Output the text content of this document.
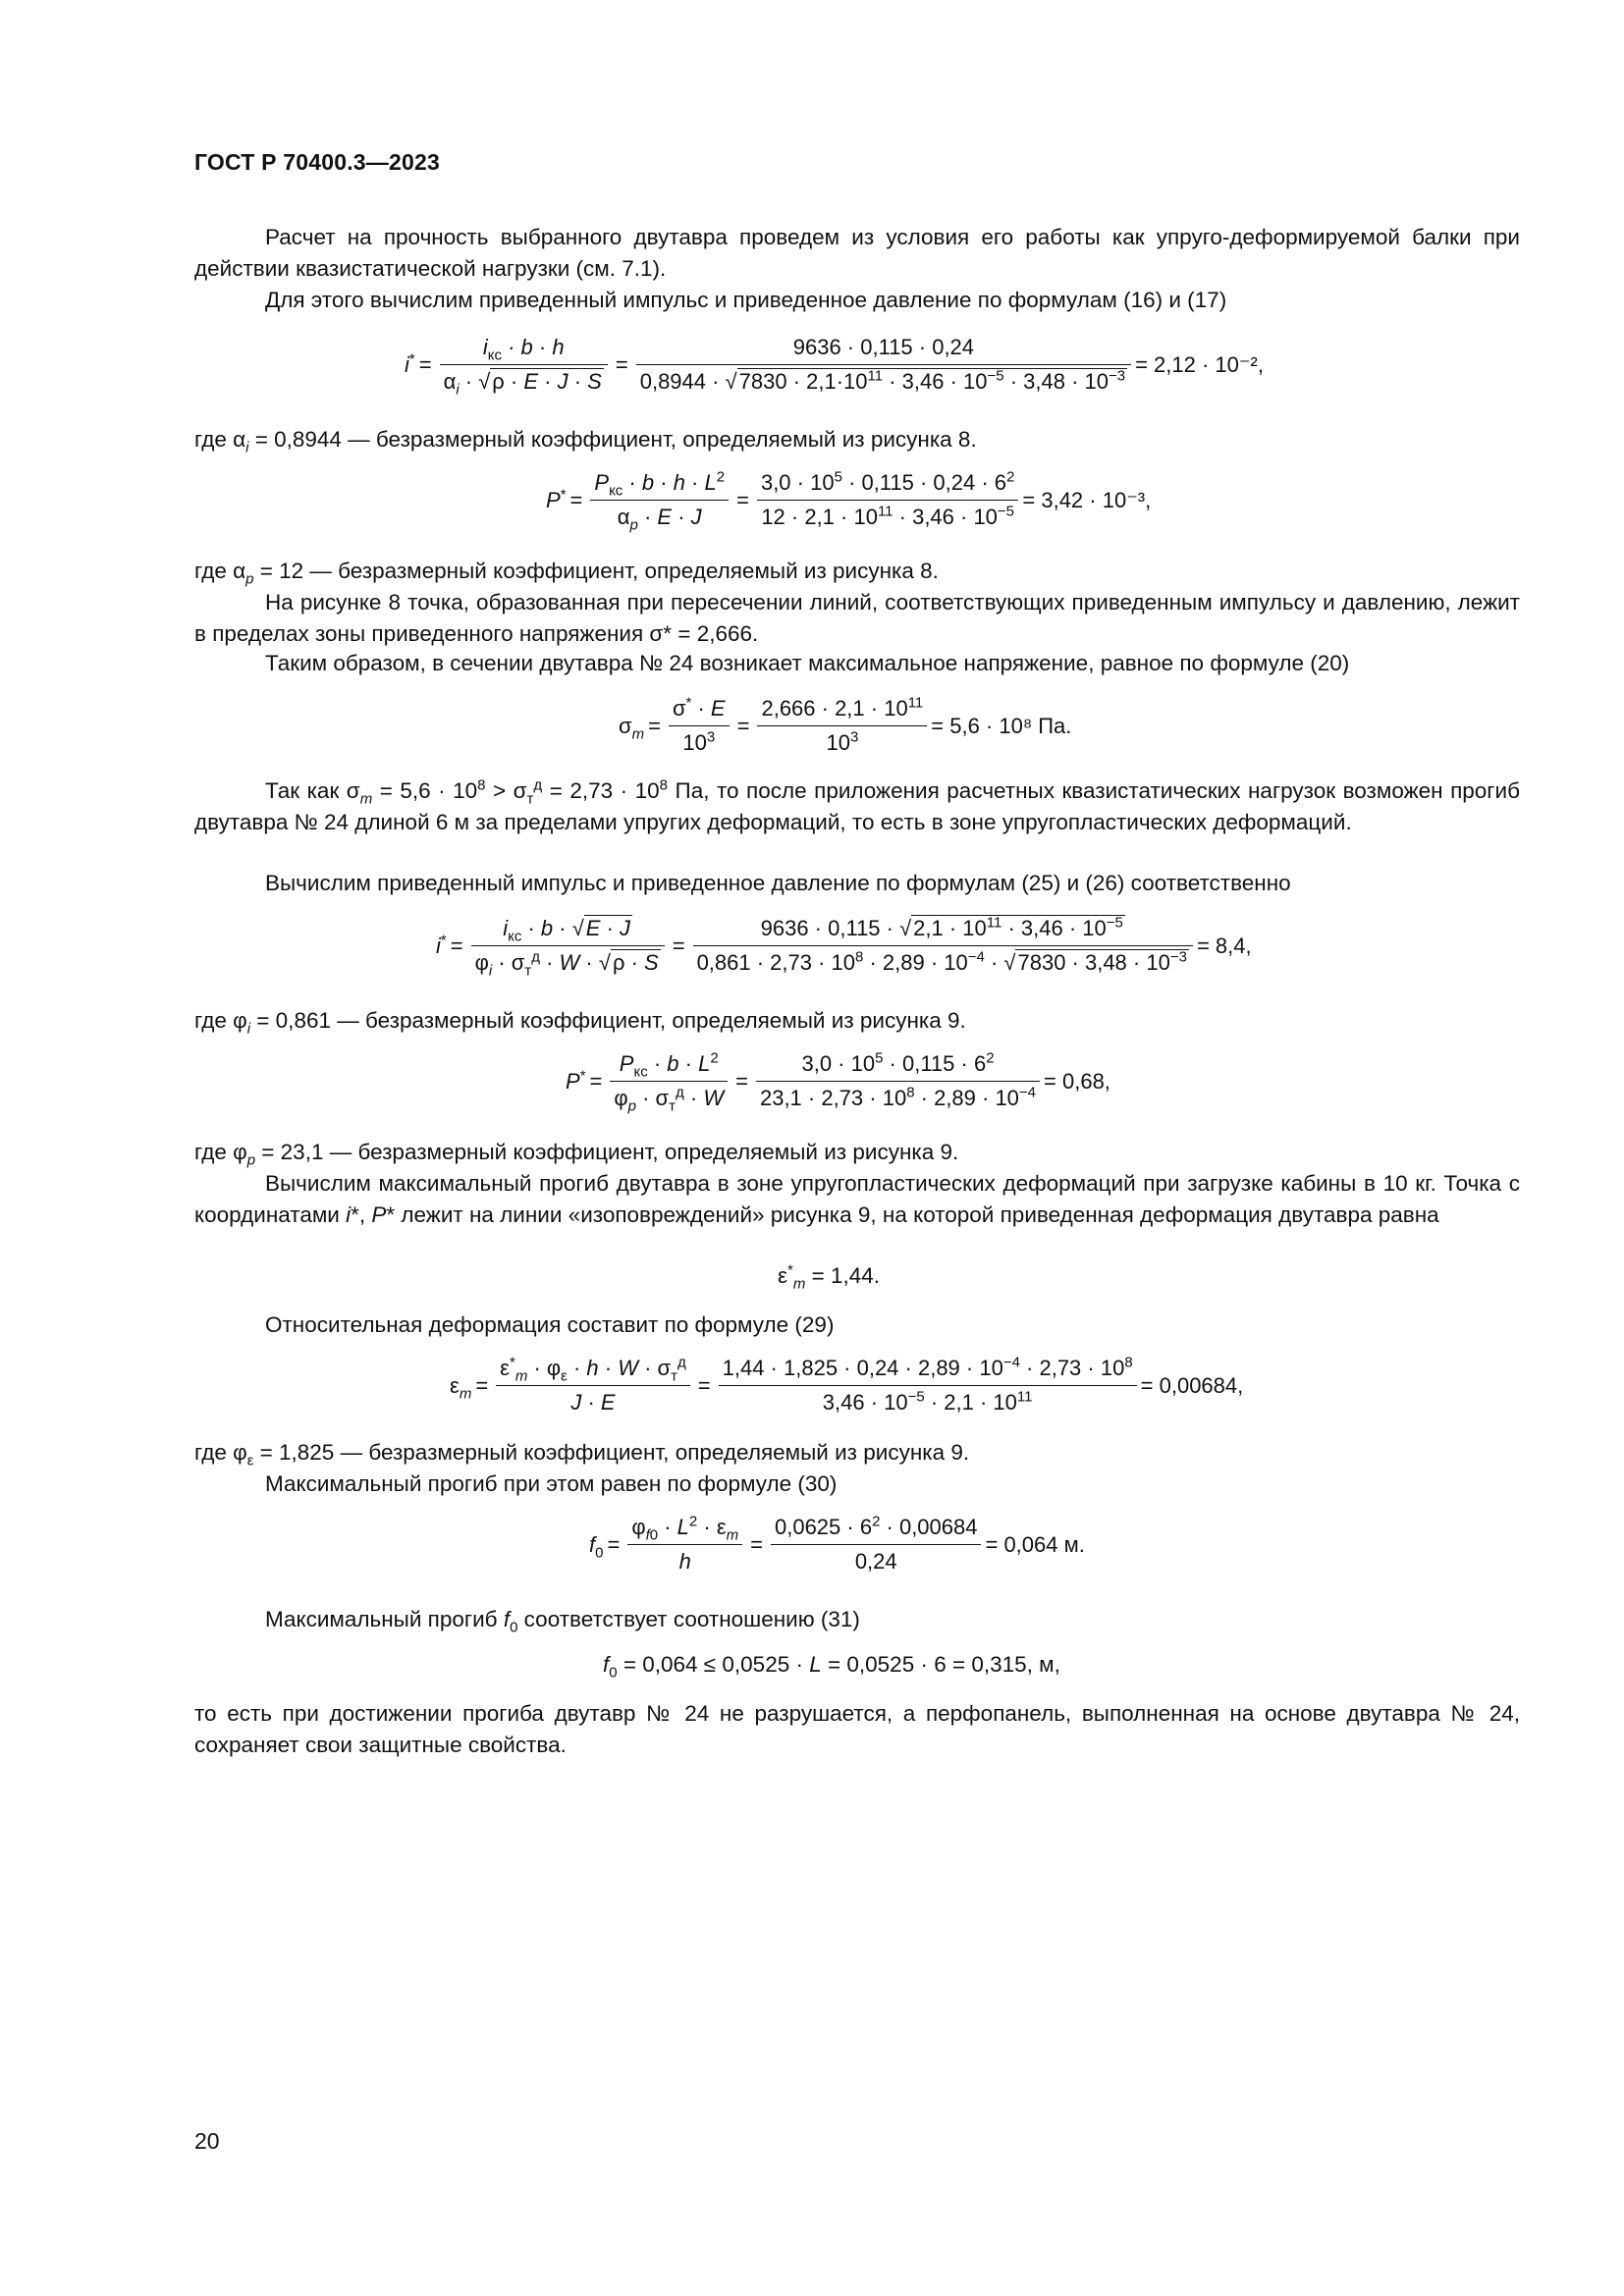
ГОСТ Р 70400.3—2023
Расчет на прочность выбранного двутавра проведем из условия его работы как упруго-деформируемой балки при действии квазистатической нагрузки (см. 7.1).
Для этого вычислим приведенный импульс и приведенное давление по формулам (16) и (17)
$i^* = \frac{i_{кс} \cdot b \cdot h}{\alpha_i \cdot √\rho \cdot E \cdot J \cdot S} = \frac{9636 \cdot 0,115 \cdot 0,24}{0,8944 \cdot √7830 \cdot 2,1\cdot 10^{11} \cdot 3,46 \cdot 10^{-5} \cdot 3,48 \cdot 10^{-3}} = 2,12 \cdot 10^{-2}$,
где $\alpha_i = 0,8944$ — безразмерный коэффициент, определяемый из рисунка 8.
$P^* = \frac{P_{кс} \cdot b \cdot h \cdot L^2}{\alpha_p \cdot E \cdot J} = \frac{3,0 \cdot 10^5 \cdot 0,115 \cdot 0,24 \cdot 6^2}{12 \cdot 2,1 \cdot 10^{11} \cdot 3,46 \cdot 10^{-5}} = 3,42 \cdot 10^{-3}$,
где $\alpha_p = 12$ — безразмерный коэффициент, определяемый из рисунка 8.
На рисунке 8 точка, образованная при пересечении линий, соответствующих приведенным импульсу и давлению, лежит в пределах зоны приведенного напряжения σ* = 2,666.
Таким образом, в сечении двутавра № 24 возникает максимальное напряжение, равное по формуле (20)
$\sigma_m = \frac{\sigma^* \cdot E}{10^3} = \frac{2,666 \cdot 2,1 \cdot 10^{11}}{10^3} = 5,6 \cdot 10^8$ Па.
Так как $\sigma_m = 5,6 \cdot 10^8 > \sigma_т^д = 2,73 \cdot 10^8$ Па, то после приложения расчетных квазистатических нагрузок возможен прогиб двутавра № 24 длиной 6 м за пределами упругих деформаций, то есть в зоне упругопластических деформаций.
Вычислим приведенный импульс и приведенное давление по формулам (25) и (26) соответственно
$i^* = \frac{i_{кс} \cdot b \cdot √E \cdot J}{\varphi_i \cdot \sigma_т^д \cdot W \cdot √\rho \cdot S} = \frac{9636 \cdot 0,115 \cdot √2,1 \cdot 10^{11} \cdot 3,46 \cdot 10^{-5}}{0,861 \cdot 2,73 \cdot 10^8 \cdot 2,89 \cdot 10^{-4} \cdot √7830 \cdot 3,48 \cdot 10^{-3}} = 8,4$,
где $\varphi_i = 0,861$ — безразмерный коэффициент, определяемый из рисунка 9.
$P^* = \frac{P_{кс} \cdot b \cdot L^2}{\varphi_p \cdot \sigma_т^д \cdot W} = \frac{3,0 \cdot 10^5 \cdot 0,115 \cdot 6^2}{23,1 \cdot 2,73 \cdot 10^8 \cdot 2,89 \cdot 10^{-4}} = 0,68$,
где $\varphi_p = 23,1$ — безразмерный коэффициент, определяемый из рисунка 9.
Вычислим максимальный прогиб двутавра в зоне упругопластических деформаций при загрузке кабины в 10 кг. Точка с координатами i*, P* лежит на линии «изоповреждений» рисунка 9, на которой приведенная деформация двутавра равна
$\varepsilon^*_m = 1,44$.
Относительная деформация составит по формуле (29)
$\varepsilon_m = \frac{\varepsilon^*_m \cdot \varphi_\varepsilon \cdot h \cdot W \cdot \sigma_т^д}{J \cdot E} = \frac{1,44 \cdot 1,825 \cdot 0,24 \cdot 2,89 \cdot 10^{-4} \cdot 2,73 \cdot 10^8}{3,46 \cdot 10^{-5} \cdot 2,1 \cdot 10^{11}} = 0,00684$,
где $\varphi_\varepsilon = 1,825$ — безразмерный коэффициент, определяемый из рисунка 9.
Максимальный прогиб при этом равен по формуле (30)
$f_0 = \frac{\varphi_{f0} \cdot L^2 \cdot \varepsilon_m}{h} = \frac{0,0625 \cdot 6^2 \cdot 0,00684}{0,24} = 0,064$ м.
Максимальный прогиб $f_0$ соответствует соотношению (31)
$f_0 = 0,064 \le 0,0525 \cdot L = 0,0525 \cdot 6 = 0,315$, м,
то есть при достижении прогиба двутавр № 24 не разрушается, а перфопанель, выполненная на основе двутавра № 24, сохраняет свои защитные свойства.
20
